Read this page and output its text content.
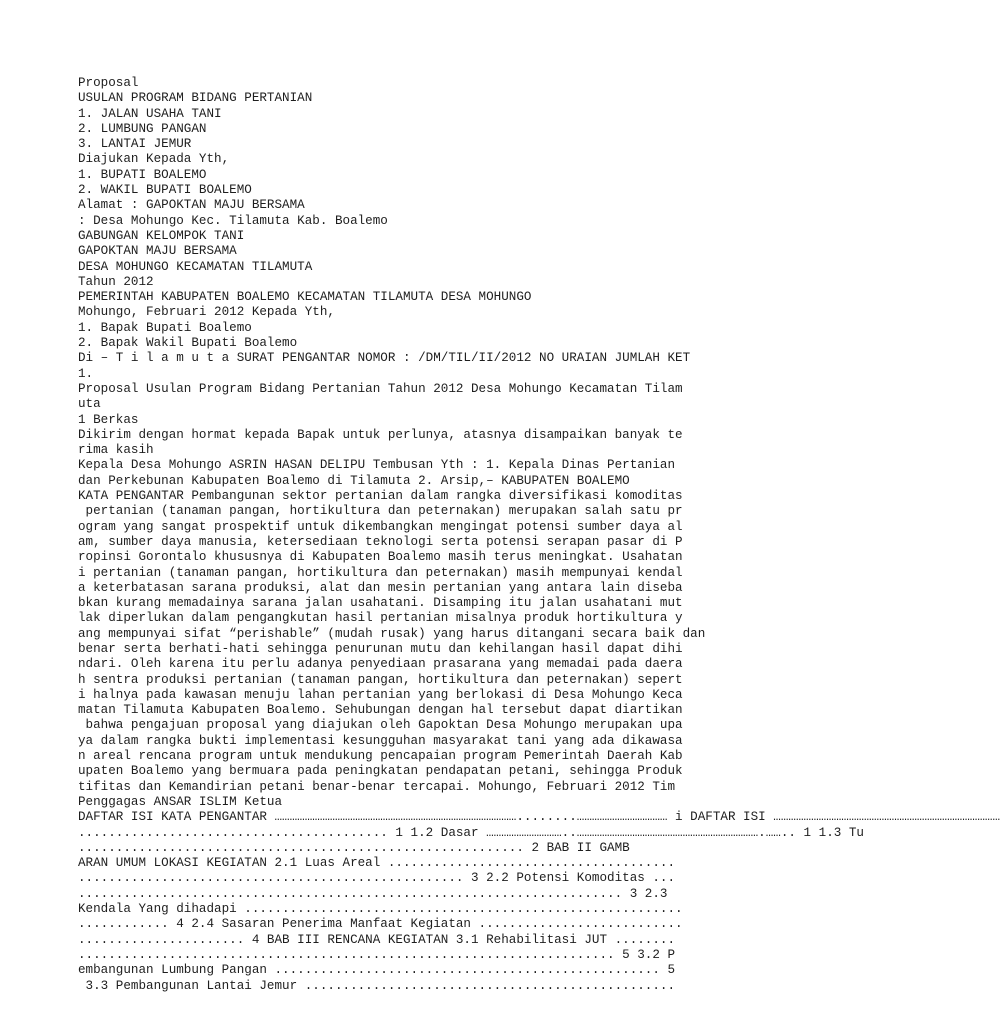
Proposal
USULAN PROGRAM BIDANG PERTANIAN
1. JALAN USAHA TANI
2. LUMBUNG PANGAN
3. LANTAI JEMUR
Diajukan Kepada Yth,
1. BUPATI BOALEMO
2. WAKIL BUPATI BOALEMO
Alamat : GAPOKTAN MAJU BERSAMA
: Desa Mohungo Kec. Tilamuta Kab. Boalemo
GABUNGAN KELOMPOK TANI
GAPOKTAN MAJU BERSAMA
DESA MOHUNGO KECAMATAN TILAMUTA
Tahun 2012
PEMERINTAH KABUPATEN BOALEMO KECAMATAN TILAMUTA DESA MOHUNGO
Mohungo, Februari 2012 Kepada Yth,
1. Bapak Bupati Boalemo
2. Bapak Wakil Bupati Boalemo
Di – T i l a m u t a SURAT PENGANTAR NOMOR : /DM/TIL/II/2012 NO URAIAN JUMLAH KET
1.
Proposal Usulan Program Bidang Pertanian Tahun 2012 Desa Mohungo Kecamatan Tilam
uta
1 Berkas
Dikirim dengan hormat kepada Bapak untuk perlunya, atasnya disampaikan banyak te
rima kasih
Kepala Desa Mohungo ASRIN HASAN DELIPU Tembusan Yth : 1. Kepala Dinas Pertanian
dan Perkebunan Kabupaten Boalemo di Tilamuta 2. Arsip,– KABUPATEN BOALEMO
KATA PENGANTAR Pembangunan sektor pertanian dalam rangka diversifikasi komoditas
pertanian (tanaman pangan, hortikultura dan peternakan) merupakan salah satu pr
ogram yang sangat prospektif untuk dikembangkan mengingat potensi sumber daya al
am, sumber daya manusia, ketersediaan teknologi serta potensi serapan pasar di P
ropinsi Gorontalo khususnya di Kabupaten Boalemo masih terus meningkat. Usahatan
i pertanian (tanaman pangan, hortikultura dan peternakan) masih mempunyai kendal
a keterbatasan sarana produksi, alat dan mesin pertanian yang antara lain diseba
bkan kurang memadainya sarana jalan usahatani. Disamping itu jalan usahatani mut
lak diperlukan dalam pengangkutan hasil pertanian misalnya produk hortikultura y
ang mempunyai sifat “perishable” (mudah rusak) yang harus ditangani secara baik dan
benar serta berhati-hati sehingga penurunan mutu dan kehilangan hasil dapat dihi
ndari. Oleh karena itu perlu adanya penyediaan prasarana yang memadai pada daera
h sentra produksi pertanian (tanaman pangan, hortikultura dan peternakan) sepert
i halnya pada kawasan menuju lahan pertanian yang berlokasi di Desa Mohungo Keca
matan Tilamuta Kabupaten Boalemo. Sehubungan dengan hal tersebut dapat diartikan
bahwa pengajuan proposal yang diajukan oleh Gapoktan Desa Mohungo merupakan upa
ya dalam rangka bukti implementasi kesungguhan masyarakat tani yang ada dikawasa
n areal rencana program untuk mendukung pencapaian program Pemerintah Daerah Kab
upaten Boalemo yang bermuara pada peningkatan pendapatan petani, sehingga Produk
tifitas dan Kemandirian petani benar-benar tercapai. Mohungo, Februari 2012 Tim
Penggagas ANSAR ISLIM Ketua
DAFTAR ISI KATA PENGANTAR ……………………………………………………………………………………........……………………………… i DAFTAR ISI ………………………………………………………………………………
......................................... 1 1.2 Dasar …………………………..……………………………………………………………….…….. 1 1.3 Tu
........................................................... 2 BAB II GAMB
ARAN UMUM LOKASI KEGIATAN 2.1 Luas Areal ......................................
................................................... 3 2.2 Potensi Komoditas ...
........................................................................ 3 2.3
Kendala Yang dihadapi ..........................................................
............ 4 2.4 Sasaran Penerima Manfaat Kegiatan ...........................
...................... 4 BAB III RENCANA KEGIATAN 3.1 Rehabilitasi JUT ........
....................................................................... 5 3.2 P
embangunan Lumbung Pangan ................................................... 5
3.3 Pembangunan Lantai Jemur .................................................
